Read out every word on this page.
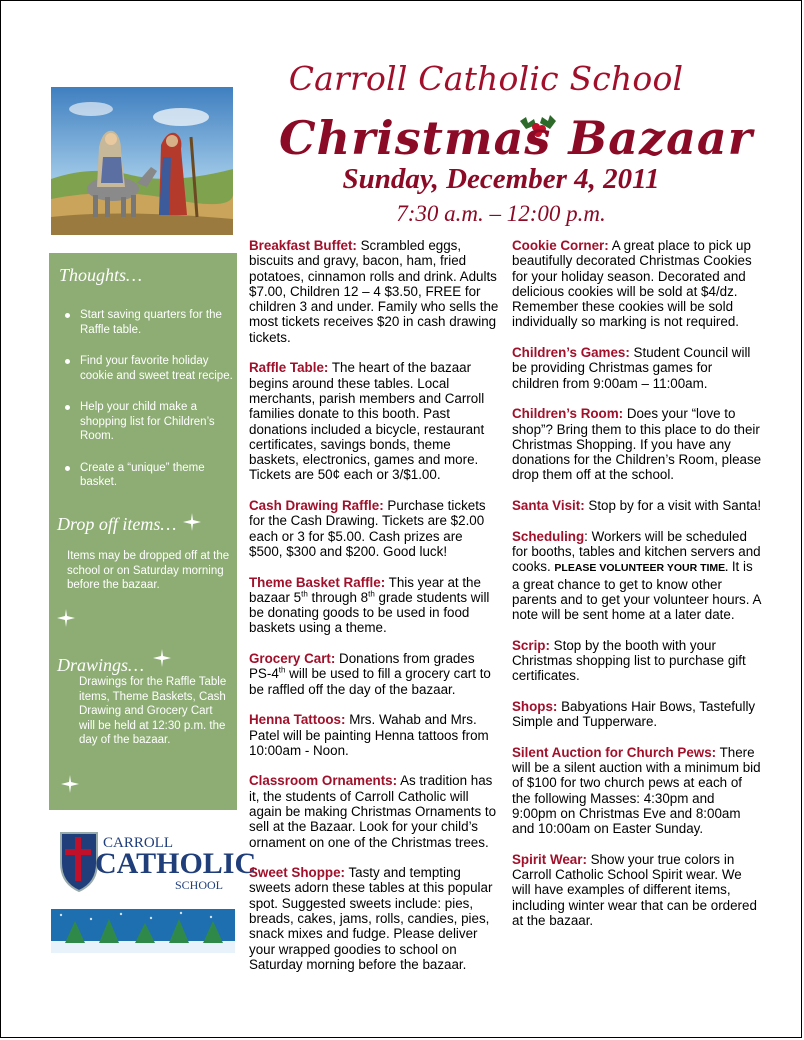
Carroll Catholic School
Christmas Bazaar
Sunday, December 4, 2011
7:30 a.m. – 12:00 p.m.
Thoughts…
Start saving quarters for the Raffle table.
Find your favorite holiday cookie and sweet treat recipe.
Help your child make a shopping list for Children’s Room.
Create a “unique” theme basket.
Drop off items…
Items may be dropped off at the school or on Saturday morning before the bazaar.
Drawings…
Drawings for the Raffle Table items, Theme Baskets, Cash Drawing and Grocery Cart will be held at 12:30 p.m. the day of the bazaar.
CARROLL
CATHOLIC
SCHOOL

Breakfast Buffet: Scrambled eggs, biscuits and gravy, bacon, ham, fried potatoes, cinnamon rolls and drink. Adults $7.00, Children 12 – 4 $3.50, FREE for children 3 and under. Family who sells the most tickets receives $20 in cash drawing tickets.

Raffle Table: The heart of the bazaar begins around these tables. Local merchants, parish members and Carroll families donate to this booth. Past donations included a bicycle, restaurant certificates, savings bonds, theme baskets, electronics, games and more. Tickets are 50¢ each or 3/$1.00.

Cash Drawing Raffle: Purchase tickets for the Cash Drawing. Tickets are $2.00 each or 3 for $5.00. Cash prizes are $500, $300 and $200. Good luck!

Theme Basket Raffle: This year at the bazaar 5th through 8th grade students will be donating goods to be used in food baskets using a theme.

Grocery Cart: Donations from grades PS-4th will be used to fill a grocery cart to be raffled off the day of the bazaar.

Henna Tattoos: Mrs. Wahab and Mrs. Patel will be painting Henna tattoos from 10:00am - Noon.

Classroom Ornaments: As tradition has it, the students of Carroll Catholic will again be making Christmas Ornaments to sell at the Bazaar. Look for your child’s ornament on one of the Christmas trees.

Sweet Shoppe: Tasty and tempting sweets adorn these tables at this popular spot. Suggested sweets include: pies, breads, cakes, jams, rolls, candies, pies, snack mixes and fudge. Please deliver your wrapped goodies to school on Saturday morning before the bazaar.

Cookie Corner: A great place to pick up beautifully decorated Christmas Cookies for your holiday season. Decorated and delicious cookies will be sold at $4/dz. Remember these cookies will be sold individually so marking is not required.

Children’s Games: Student Council will be providing Christmas games for children from 9:00am – 11:00am.

Children’s Room: Does your “love to shop”? Bring them to this place to do their Christmas Shopping. If you have any donations for the Children’s Room, please drop them off at the school.

Santa Visit: Stop by for a visit with Santa!

Scheduling: Workers will be scheduled for booths, tables and kitchen servers and cooks. PLEASE VOLUNTEER YOUR TIME. It is a great chance to get to know other parents and to get your volunteer hours. A note will be sent home at a later date.

Scrip: Stop by the booth with your Christmas shopping list to purchase gift certificates.

Shops: Babyations Hair Bows, Tastefully Simple and Tupperware.

Silent Auction for Church Pews: There will be a silent auction with a minimum bid of $100 for two church pews at each of the following Masses: 4:30pm and 9:00pm on Christmas Eve and 8:00am and 10:00am on Easter Sunday.

Spirit Wear: Show your true colors in Carroll Catholic School Spirit wear. We will have examples of different items, including winter wear that can be ordered at the bazaar.
